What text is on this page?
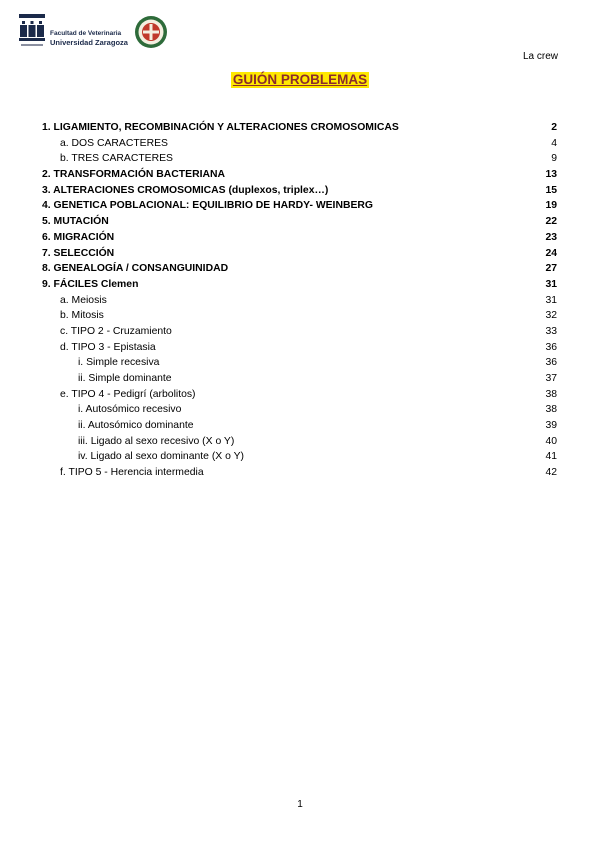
Facultad de Veterinaria
Universidad Zaragoza
La crew
GUIÓN PROBLEMAS
1. LIGAMIENTO, RECOMBINACIÓN Y ALTERACIONES CROMOSOMICAS	2
a. DOS CARACTERES	4
b. TRES CARACTERES	9
2. TRANSFORMACIÓN BACTERIANA	13
3. ALTERACIONES CROMOSOMICAS (duplexos, triplex…)	15
4. GENETICA POBLACIONAL: EQUILIBRIO DE HARDY- WEINBERG	19
5. MUTACIÓN	22
6. MIGRACIÓN	23
7. SELECCIÓN	24
8. GENEALOGÍA / CONSANGUINIDAD	27
9. FÁCILES Clemen	31
a. Meiosis	31
b. Mitosis	32
c. TIPO 2 - Cruzamiento	33
d. TIPO 3 - Epistasia	36
i. Simple recesiva	36
ii. Simple dominante	37
e. TIPO 4 - Pedigrí (arbolitos)	38
i. Autosómico recesivo	38
ii. Autosómico dominante	39
iii. Ligado al sexo recesivo (X o Y)	40
iv. Ligado al sexo dominante (X o Y)	41
f. TIPO 5 - Herencia intermedia	42
1
